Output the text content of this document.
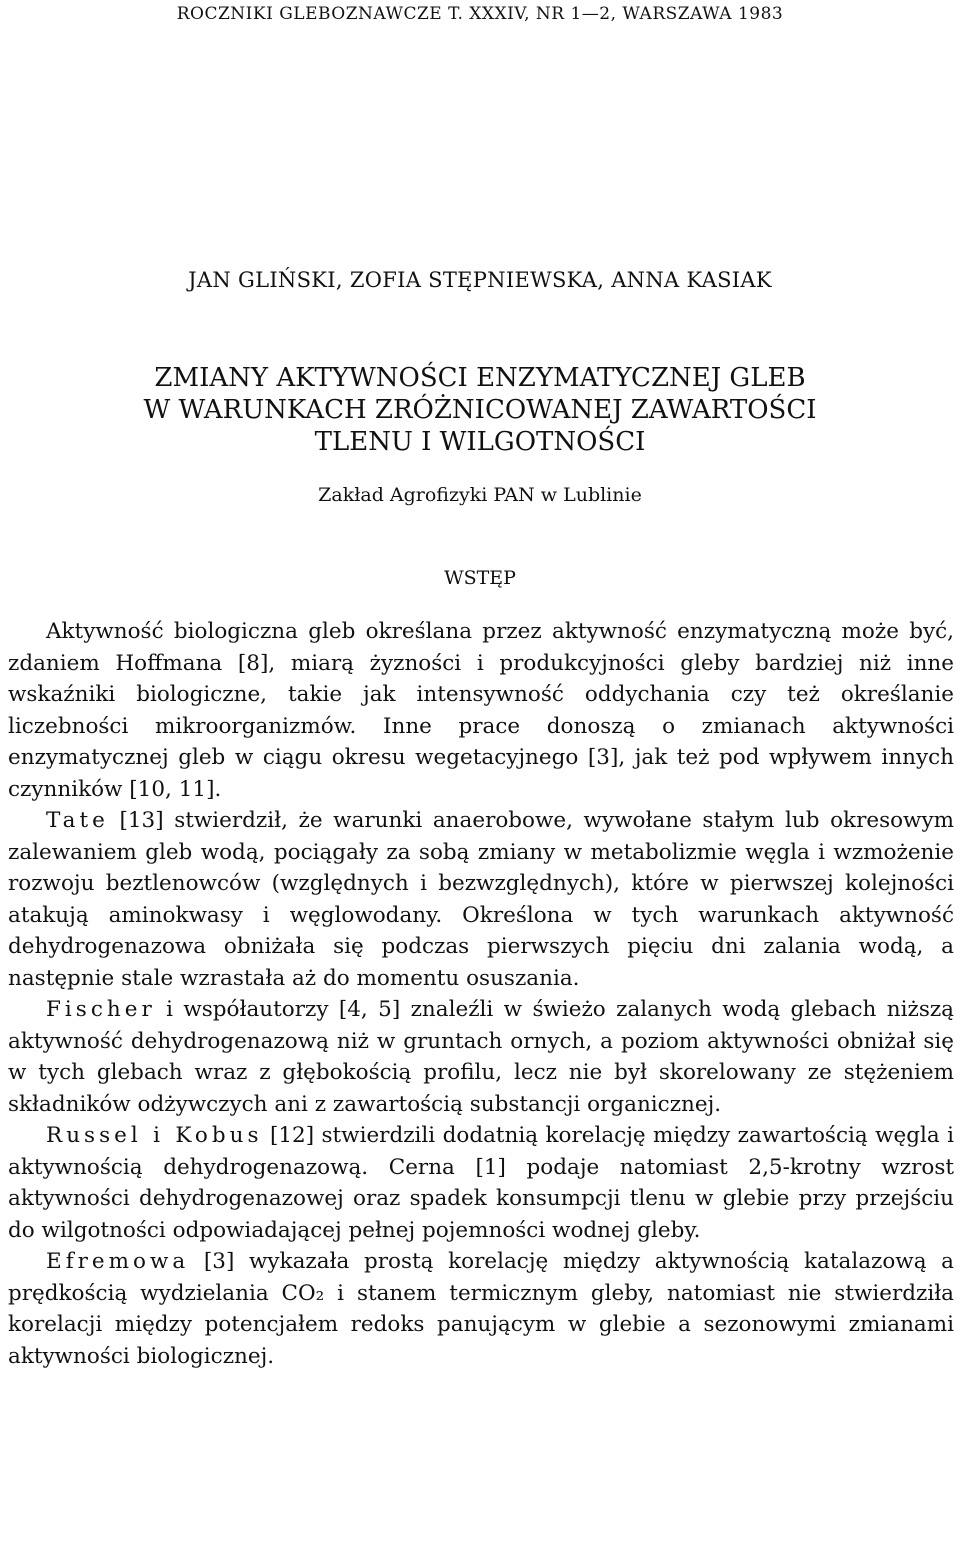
ROCZNIKI GLEBOZNAWCZE T. XXXIV, NR 1—2, WARSZAWA 1983
JAN GLIŃSKI, ZOFIA STĘPNIEWSKA, ANNA KASIAK
ZMIANY AKTYWNOŚCI ENZYMATYCZNEJ GLEB
W WARUNKACH ZRÓŻNICOWANEJ ZAWARTOŚCI
TLENU I WILGOTNOŚCI
Zakład Agrofizyki PAN w Lublinie
WSTĘP

Aktywność biologiczna gleb określana przez aktywność enzymatyczną może być, zdaniem Hoffmana [8], miarą żyzności i produkcyjności gleby bardziej niż inne wskaźniki biologiczne, takie jak intensywność oddychania czy też określanie liczebności mikroorganizmów. Inne prace donoszą o zmianach aktywności enzymatycznej gleb w ciągu okresu wegetacyjnego [3], jak też pod wpływem innych czynników [10, 11].

Tate [13] stwierdził, że warunki anaerobowe, wywołane stałym lub okresowym zalewaniem gleb wodą, pociągały za sobą zmiany w metabolizmie węgla i wzmożenie rozwoju beztlenowców (względnych i bezwzględnych), które w pierwszej kolejności atakują aminokwasy i węglowodany. Określona w tych warunkach aktywność dehydrogenazowa obniżała się podczas pierwszych pięciu dni zalania wodą, a następnie stale wzrastała aż do momentu osuszania.

Fischer i współautorzy [4, 5] znaleźli w świeżo zalanych wodą glebach niższą aktywność dehydrogenazową niż w gruntach ornych, a poziom aktywności obniżał się w tych glebach wraz z głębokością profilu, lecz nie był skorelowany ze stężeniem składników odżywczych ani z zawartością substancji organicznej.

Russel i Kobus [12] stwierdzili dodatnią korelację między zawartością węgla i aktywnością dehydrogenazową. Cerna [1] podaje natomiast 2,5-krotny wzrost aktywności dehydrogenazowej oraz spadek konsumpcji tlenu w glebie przy przejściu do wilgotności odpowiadającej pełnej pojemności wodnej gleby.

Efremowa [3] wykazała prostą korelację między aktywnością katalazową a prędkością wydzielania CO₂ i stanem termicznym gleby, natomiast nie stwierdziła korelacji między potencjałem redoks panującym w glebie a sezonowymi zmianami aktywności biologicznej.
